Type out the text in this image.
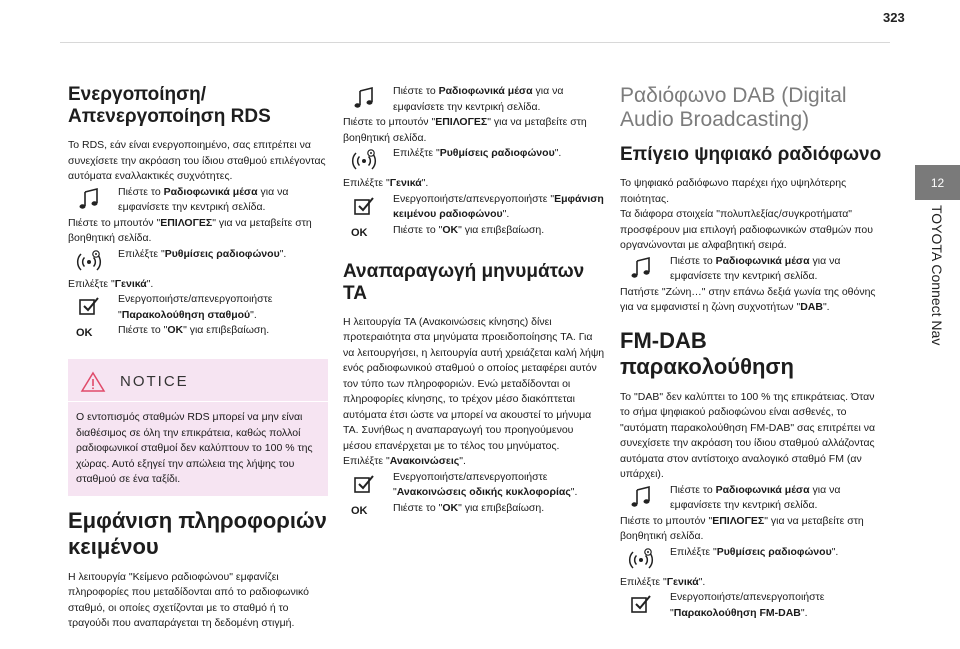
323
12
TOYOTA Connect Nav
Ενεργοποίηση/ Απενεργοποίηση RDS

Το RDS, εάν είναι ενεργοποιημένο, σας επιτρέπει να συνεχίσετε την ακρόαση του ίδιου σταθμού επιλέγοντας αυτόματα εναλλακτικές συχνότητες.

Πιέστε το Ραδιοφωνικά μέσα για να εμφανίσετε την κεντρική σελίδα.

Πιέστε το μπουτόν "ΕΠΙΛΟΓΕΣ" για να μεταβείτε στη βοηθητική σελίδα.

Επιλέξτε "Ρυθμίσεις ραδιοφώνου".

Επιλέξτε "Γενικά".

Ενεργοποιήστε/απενεργοποιήστε "Παρακολούθηση σταθμού".
OK Πιέστε το "OK" για επιβεβαίωση.
NOTICE
Ο εντοπισμός σταθμών RDS μπορεί να μην είναι διαθέσιμος σε όλη την επικράτεια, καθώς πολλοί ραδιοφωνικοί σταθμοί δεν καλύπτουν το 100 % της χώρας. Αυτό εξηγεί την απώλεια της λήψης του σταθμού σε ένα ταξίδι.
Εμφάνιση πληροφοριών κειμένου

Η λειτουργία "Κείμενο ραδιοφώνου" εμφανίζει πληροφορίες που μεταδίδονται από το ραδιοφωνικό σταθμό, οι οποίες σχετίζονται με το σταθμό ή το τραγούδι που αναπαράγεται τη δεδομένη στιγμή.

Πιέστε το Ραδιοφωνικά μέσα για να εμφανίσετε την κεντρική σελίδα.

Πιέστε το μπουτόν "ΕΠΙΛΟΓΕΣ" για να μεταβείτε στη βοηθητική σελίδα.

Επιλέξτε "Ρυθμίσεις ραδιοφώνου".

Επιλέξτε "Γενικά".

Ενεργοποιήστε/απενεργοποιήστε "Εμφάνιση κειμένου ραδιοφώνου".
OK Πιέστε το "OK" για επιβεβαίωση.
Αναπαραγωγή μηνυμάτων TA

Η λειτουργία TA (Ανακοινώσεις κίνησης) δίνει προτεραιότητα στα μηνύματα προειδοποίησης TA. Για να λειτουργήσει, η λειτουργία αυτή χρειάζεται καλή λήψη ενός ραδιοφωνικού σταθμού ο οποίος μεταφέρει αυτόν τον τύπο των πληροφοριών. Ενώ μεταδίδονται οι πληροφορίες κίνησης, το τρέχον μέσο διακόπτεται αυτόματα έτσι ώστε να μπορεί να ακουστεί το μήνυμα TA. Συνήθως η αναπαραγωγή του προηγούμενου μέσου επανέρχεται με το τέλος του μηνύματος.

Επιλέξτε "Ανακοινώσεις".

Ενεργοποιήστε/απενεργοποιήστε "Ανακοινώσεις οδικής κυκλοφορίας".
OK Πιέστε το "OK" για επιβεβαίωση.
Ραδιόφωνο DAB (Digital Audio Broadcasting)
Επίγειο ψηφιακό ραδιόφωνο

Το ψηφιακό ραδιόφωνο παρέχει ήχο υψηλότερης ποιότητας.

Τα διάφορα στοιχεία "πολυπλεξίας/συγκροτήματα" προσφέρουν μια επιλογή ραδιοφωνικών σταθμών που οργανώνονται με αλφαβητική σειρά.

Πιέστε το Ραδιοφωνικά μέσα για να εμφανίσετε την κεντρική σελίδα.

Πατήστε "Ζώνη…" στην επάνω δεξιά γωνία της οθόνης για να εμφανιστεί η ζώνη συχνοτήτων "DAB".

FM-DAB παρακολούθηση

Το "DAB" δεν καλύπτει το 100 % της επικράτειας. Όταν το σήμα ψηφιακού ραδιοφώνου είναι ασθενές, το "αυτόματη παρακολούθηση FM-DAB" σας επιτρέπει να συνεχίσετε την ακρόαση του ίδιου σταθμού αλλάζοντας αυτόματα στον αντίστοιχο αναλογικό σταθμό FM (αν υπάρχει).

Πιέστε το Ραδιοφωνικά μέσα για να εμφανίσετε την κεντρική σελίδα.

Πιέστε το μπουτόν "ΕΠΙΛΟΓΕΣ" για να μεταβείτε στη βοηθητική σελίδα.

Επιλέξτε "Ρυθμίσεις ραδιοφώνου".

Επιλέξτε "Γενικά".

Ενεργοποιήστε/απενεργοποιήστε "Παρακολούθηση FM-DAB".
